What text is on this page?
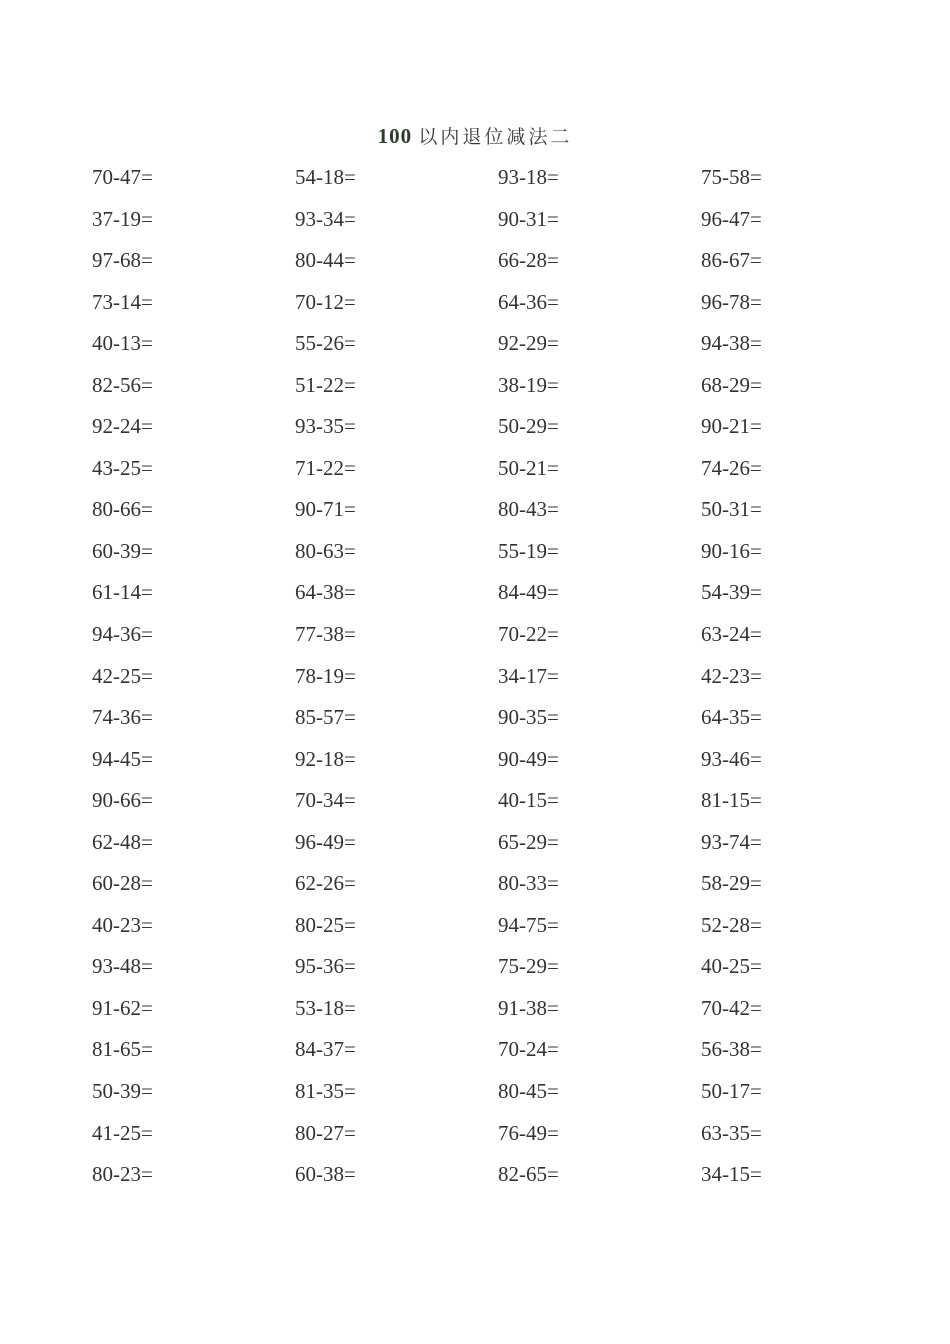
100 以内退位减法二
70-47=	54-18=	93-18=	75-58=
37-19=	93-34=	90-31=	96-47=
97-68=	80-44=	66-28=	86-67=
73-14=	70-12=	64-36=	96-78=
40-13=	55-26=	92-29=	94-38=
82-56=	51-22=	38-19=	68-29=
92-24=	93-35=	50-29=	90-21=
43-25=	71-22=	50-21=	74-26=
80-66=	90-71=	80-43=	50-31=
60-39=	80-63=	55-19=	90-16=
61-14=	64-38=	84-49=	54-39=
94-36=	77-38=	70-22=	63-24=
42-25=	78-19=	34-17=	42-23=
74-36=	85-57=	90-35=	64-35=
94-45=	92-18=	90-49=	93-46=
90-66=	70-34=	40-15=	81-15=
62-48=	96-49=	65-29=	93-74=
60-28=	62-26=	80-33=	58-29=
40-23=	80-25=	94-75=	52-28=
93-48=	95-36=	75-29=	40-25=
91-62=	53-18=	91-38=	70-42=
81-65=	84-37=	70-24=	56-38=
50-39=	81-35=	80-45=	50-17=
41-25=	80-27=	76-49=	63-35=
80-23=	60-38=	82-65=	34-15=
